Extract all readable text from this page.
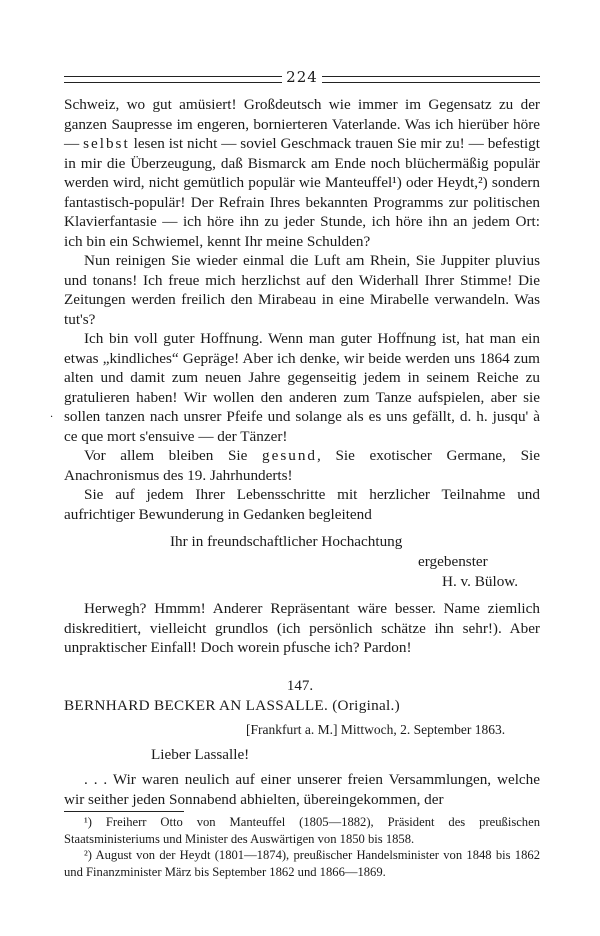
224

Schweiz, wo gut amüsiert! Großdeutsch wie immer im Gegensatz zu der ganzen Saupresse im engeren, bornierteren Vaterlande. Was ich hierüber höre — selbst lesen ist nicht — soviel Geschmack trauen Sie mir zu! — befestigt in mir die Überzeugung, daß Bismarck am Ende noch blüchermäßig populär werden wird, nicht gemütlich populär wie Manteuffel¹) oder Heydt,²) sondern fantastisch-populär! Der Refrain Ihres bekannten Programms zur politischen Klavierfantasie — ich höre ihn zu jeder Stunde, ich höre ihn an jedem Ort: ich bin ein Schwiemel, kennt Ihr meine Schulden?

Nun reinigen Sie wieder einmal die Luft am Rhein, Sie Juppiter pluvius und tonans! Ich freue mich herzlichst auf den Widerhall Ihrer Stimme! Die Zeitungen werden freilich den Mirabeau in eine Mirabelle verwandeln. Was tut's?

Ich bin voll guter Hoffnung. Wenn man guter Hoffnung ist, hat man ein etwas „kindliches“ Gepräge! Aber ich denke, wir beide werden uns 1864 zum alten und damit zum neuen Jahre gegenseitig jedem in seinem Reiche zu gratulieren haben! Wir wollen den anderen zum Tanze aufspielen, aber sie sollen tanzen nach unsrer Pfeife und solange als es uns gefällt, d. h. jusqu' à ce que mort s'ensuive — der Tänzer!

Vor allem bleiben Sie gesund, Sie exotischer Germane, Sie Anachronismus des 19. Jahrhunderts!

Sie auf jedem Ihrer Lebensschritte mit herzlicher Teilnahme und aufrichtiger Bewunderung in Gedanken begleitend

·
Ihr in freundschaftlicher Hochachtung
ergebenster
H. v. Bülow.

Herwegh? Hmmm! Anderer Repräsentant wäre besser. Name ziemlich diskreditiert, vielleicht grundlos (ich persönlich schätze ihn sehr!). Aber unpraktischer Einfall! Doch worein pfusche ich? Pardon!

147.
BERNHARD BECKER AN LASSALLE. (Original.)
[Frankfurt a. M.] Mittwoch, 2. September 1863.
Lieber Lassalle!

. . . Wir waren neulich auf einer unserer freien Versammlungen, welche wir seither jeden Sonnabend abhielten, übereingekommen, der

¹) Freiherr Otto von Manteuffel (1805—1882), Präsident des preußischen Staatsministeriums und Minister des Auswärtigen von 1850 bis 1858.

²) August von der Heydt (1801—1874), preußischer Handelsminister von 1848 bis 1862 und Finanzminister März bis September 1862 und 1866—1869.
